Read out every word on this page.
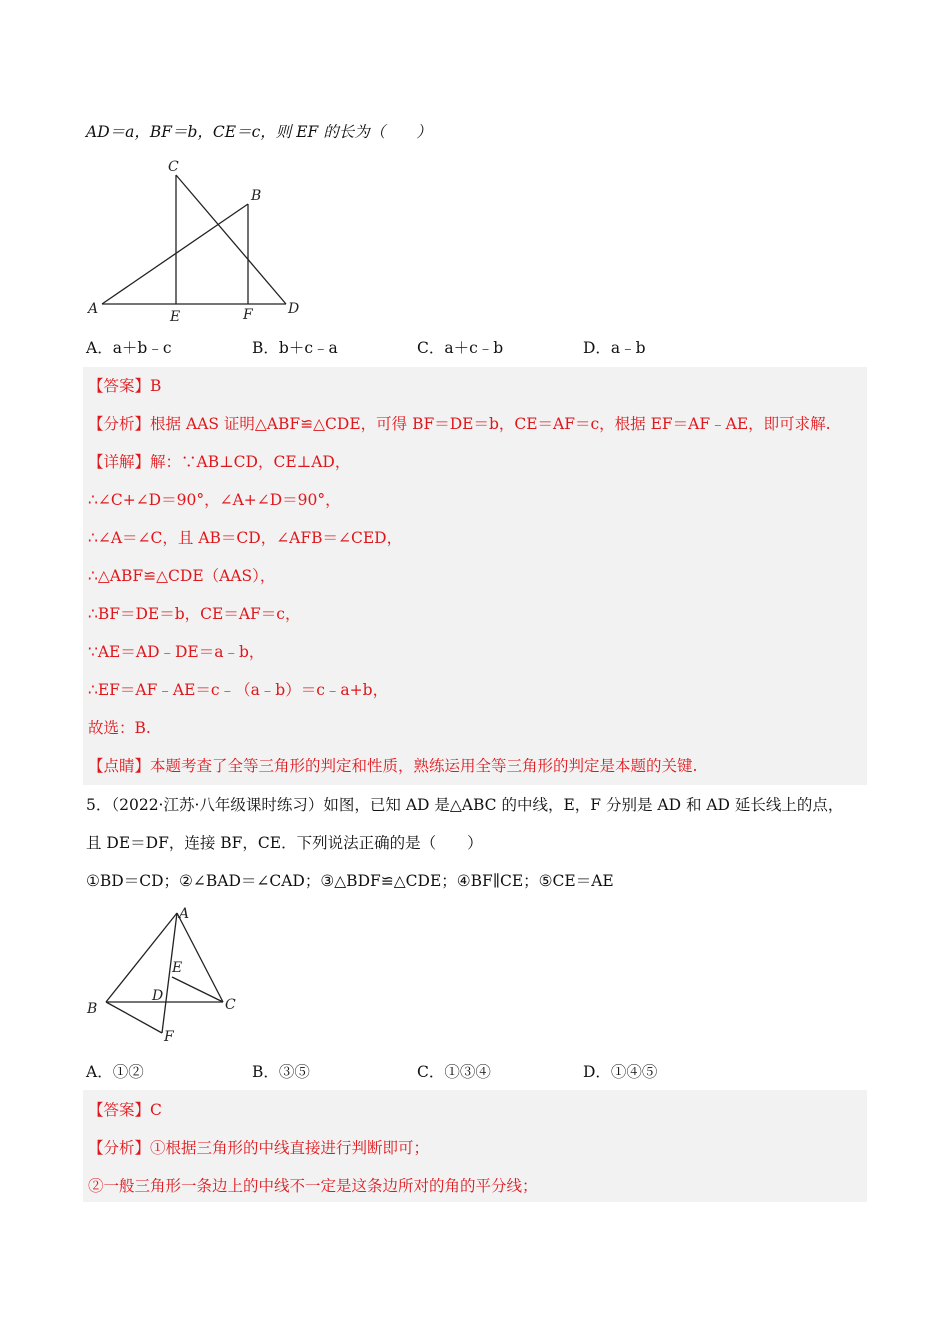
AD＝a，BF＝b，CE＝c，则 EF 的长为（　　）
A
B
C
D
E	F
A．a＋b﹣c	B．b＋c﹣a	C．a＋c﹣b	D．a﹣b
【答案】B
【分析】根据 AAS 证明△ABF≌△CDE，可得 BF＝DE＝b，CE＝AF＝c，根据 EF＝AF﹣AE，即可求解.
【详解】解：∵AB⊥CD，CE⊥AD，
∴∠C+∠D＝90°，∠A+∠D＝90°，
∴∠A＝∠C，且 AB＝CD，∠AFB＝∠CED，
∴△ABF≌△CDE（AAS），
∴BF＝DE＝b，CE＝AF＝c，
∵AE＝AD﹣DE＝a﹣b，
∴EF＝AF﹣AE＝c﹣（a﹣b）＝c﹣a+b，
故选：B.
【点睛】本题考查了全等三角形的判定和性质，熟练运用全等三角形的判定是本题的关键.
5．（2022·江苏·八年级课时练习）如图，已知 AD 是△ABC 的中线，E，F 分别是 AD 和 AD 延长线上的点，
且 DE＝DF，连接 BF，CE．下列说法正确的是（　　）
①BD＝CD；②∠BAD＝∠CAD；③△BDF≌△CDE；④BF∥CE；⑤CE＝AE
A
B	C
D
E
F
A．①②	B．③⑤	C．①③④	D．①④⑤
【答案】C
【分析】①根据三角形的中线直接进行判断即可；
②一般三角形一条边上的中线不一定是这条边所对的角的平分线；
